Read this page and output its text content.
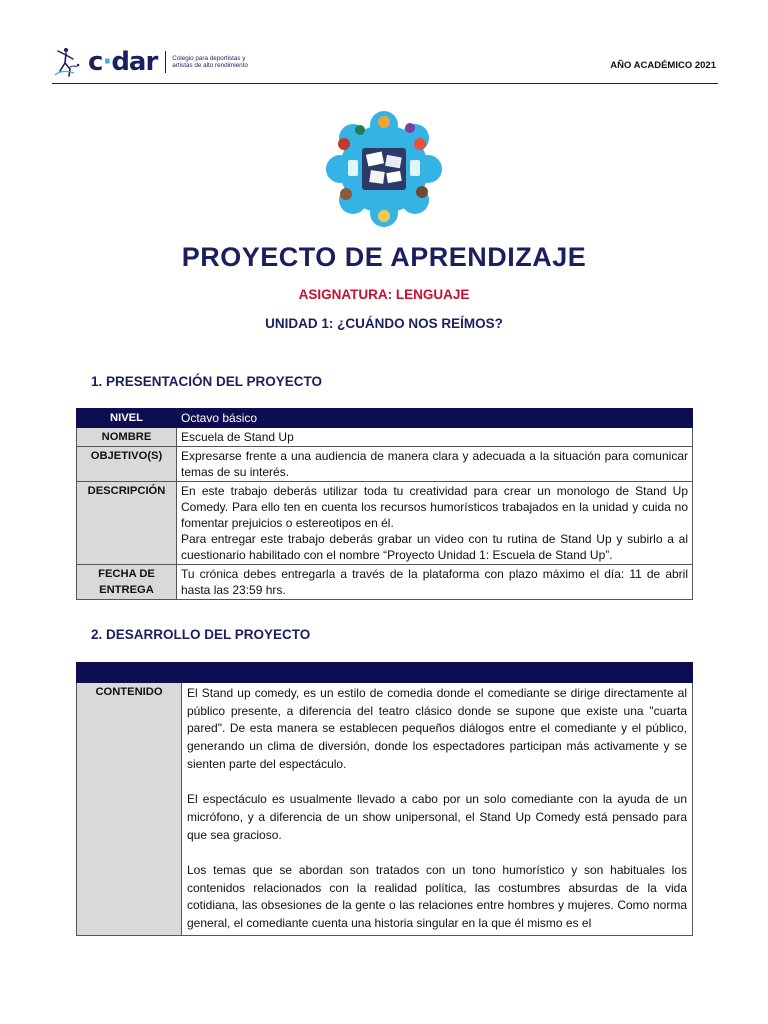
c·dar Colegio para deportistas y
artistas de alto rendimiento	AÑO ACADÉMICO 2021
PROYECTO DE APRENDIZAJE
ASIGNATURA: LENGUAJE
UNIDAD 1: ¿CUÁNDO NOS REÍMOS?
1. PRESENTACIÓN DEL PROYECTO
NIVEL	Octavo básico
NOMBRE	Escuela de Stand Up
OBJETIVO(S)	Expresarse frente a una audiencia de manera clara y adecuada a la situación para comunicar temas de su interés.
DESCRIPCIÓN	En este trabajo deberás utilizar toda tu creatividad para crear un monologo de Stand Up Comedy. Para ello ten en cuenta los recursos humorísticos trabajados en la unidad y cuida no fomentar prejuicios o estereotipos en él.
Para entregar este trabajo deberás grabar un video con tu rutina de Stand Up y subirlo a al cuestionario habilitado con el nombre “Proyecto Unidad 1: Escuela de Stand Up”.

FECHA DE ENTREGA	Tu crónica debes entregarla a través de la plataforma con plazo máximo el día: 11 de abril hasta las 23:59 hrs.
2. DESARROLLO DEL PROYECTO

CONTENIDO	El Stand up comedy, es un estilo de comedia donde el comediante se dirige directamente al público presente, a diferencia del teatro clásico donde se supone que existe una "cuarta pared". De esta manera se establecen pequeños diálogos entre el comediante y el público, generando un clima de diversión, donde los espectadores participan más activamente y se sienten parte del espectáculo.

El espectáculo es usualmente llevado a cabo por un solo comediante con la ayuda de un micrófono, y a diferencia de un show unipersonal, el Stand Up Comedy está pensado para que sea gracioso.

Los temas que se abordan son tratados con un tono humorístico y son habituales los contenidos relacionados con la realidad política, las costumbres absurdas de la vida cotidiana, las obsesiones de la gente o las relaciones entre hombres y mujeres. Como norma general, el comediante cuenta una historia singular en la que él mismo es el
